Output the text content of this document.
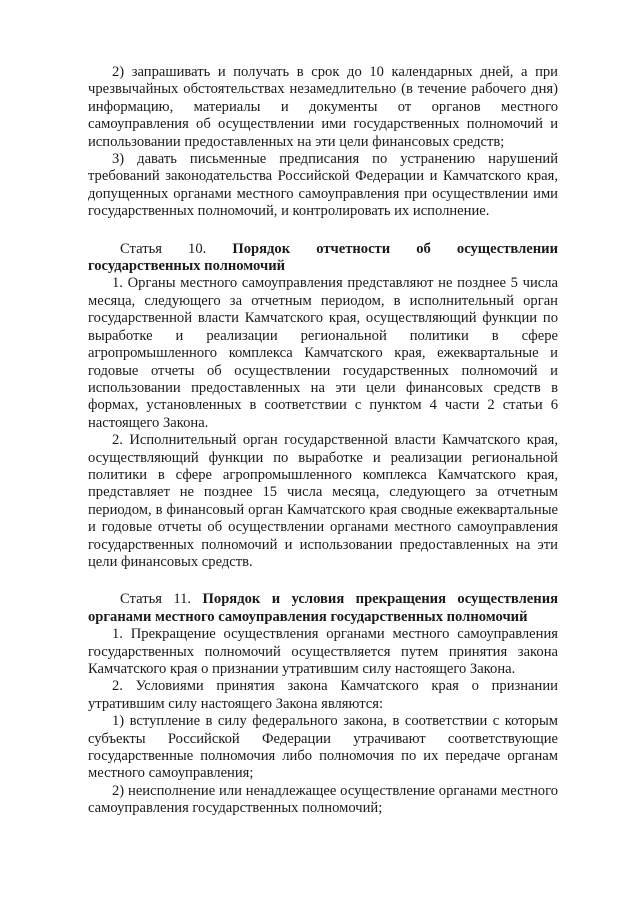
2) запрашивать и получать в срок до 10 календарных дней, а при чрезвычайных обстоятельствах незамедлительно (в течение рабочего дня) информацию, материалы и документы от органов местного самоуправления об осуществлении ими государственных полномочий и использовании предоставленных на эти цели финансовых средств;

3) давать письменные предписания по устранению нарушений требований законодательства Российской Федерации и Камчатского края, допущенных органами местного самоуправления при осуществлении ими государственных полномочий, и контролировать их исполнение.

Статья 10. Порядок отчетности об осуществлении государственных полномочий

1. Органы местного самоуправления представляют не позднее 5 числа месяца, следующего за отчетным периодом, в исполнительный орган государственной власти Камчатского края, осуществляющий функции по выработке и реализации региональной политики в сфере агропромышленного комплекса Камчатского края, ежеквартальные и годовые отчеты об осуществлении государственных полномочий и использовании предоставленных на эти цели финансовых средств в формах, установленных в соответствии с пунктом 4 части 2 статьи 6 настоящего Закона.

2. Исполнительный орган государственной власти Камчатского края, осуществляющий функции по выработке и реализации региональной политики в сфере агропромышленного комплекса Камчатского края, представляет не позднее 15 числа месяца, следующего за отчетным периодом, в финансовый орган Камчатского края сводные ежеквартальные и годовые отчеты об осуществлении органами местного самоуправления государственных полномочий и использовании предоставленных на эти цели финансовых средств.

Статья 11. Порядок и условия прекращения осуществления органами местного самоуправления государственных полномочий

1. Прекращение осуществления органами местного самоуправления государственных полномочий осуществляется путем принятия закона Камчатского края о признании утратившим силу настоящего Закона.

2. Условиями принятия закона Камчатского края о признании утратившим силу настоящего Закона являются:

1) вступление в силу федерального закона, в соответствии с которым субъекты Российской Федерации утрачивают соответствующие государственные полномочия либо полномочия по их передаче органам местного самоуправления;

2) неисполнение или ненадлежащее осуществление органами местного самоуправления государственных полномочий;
